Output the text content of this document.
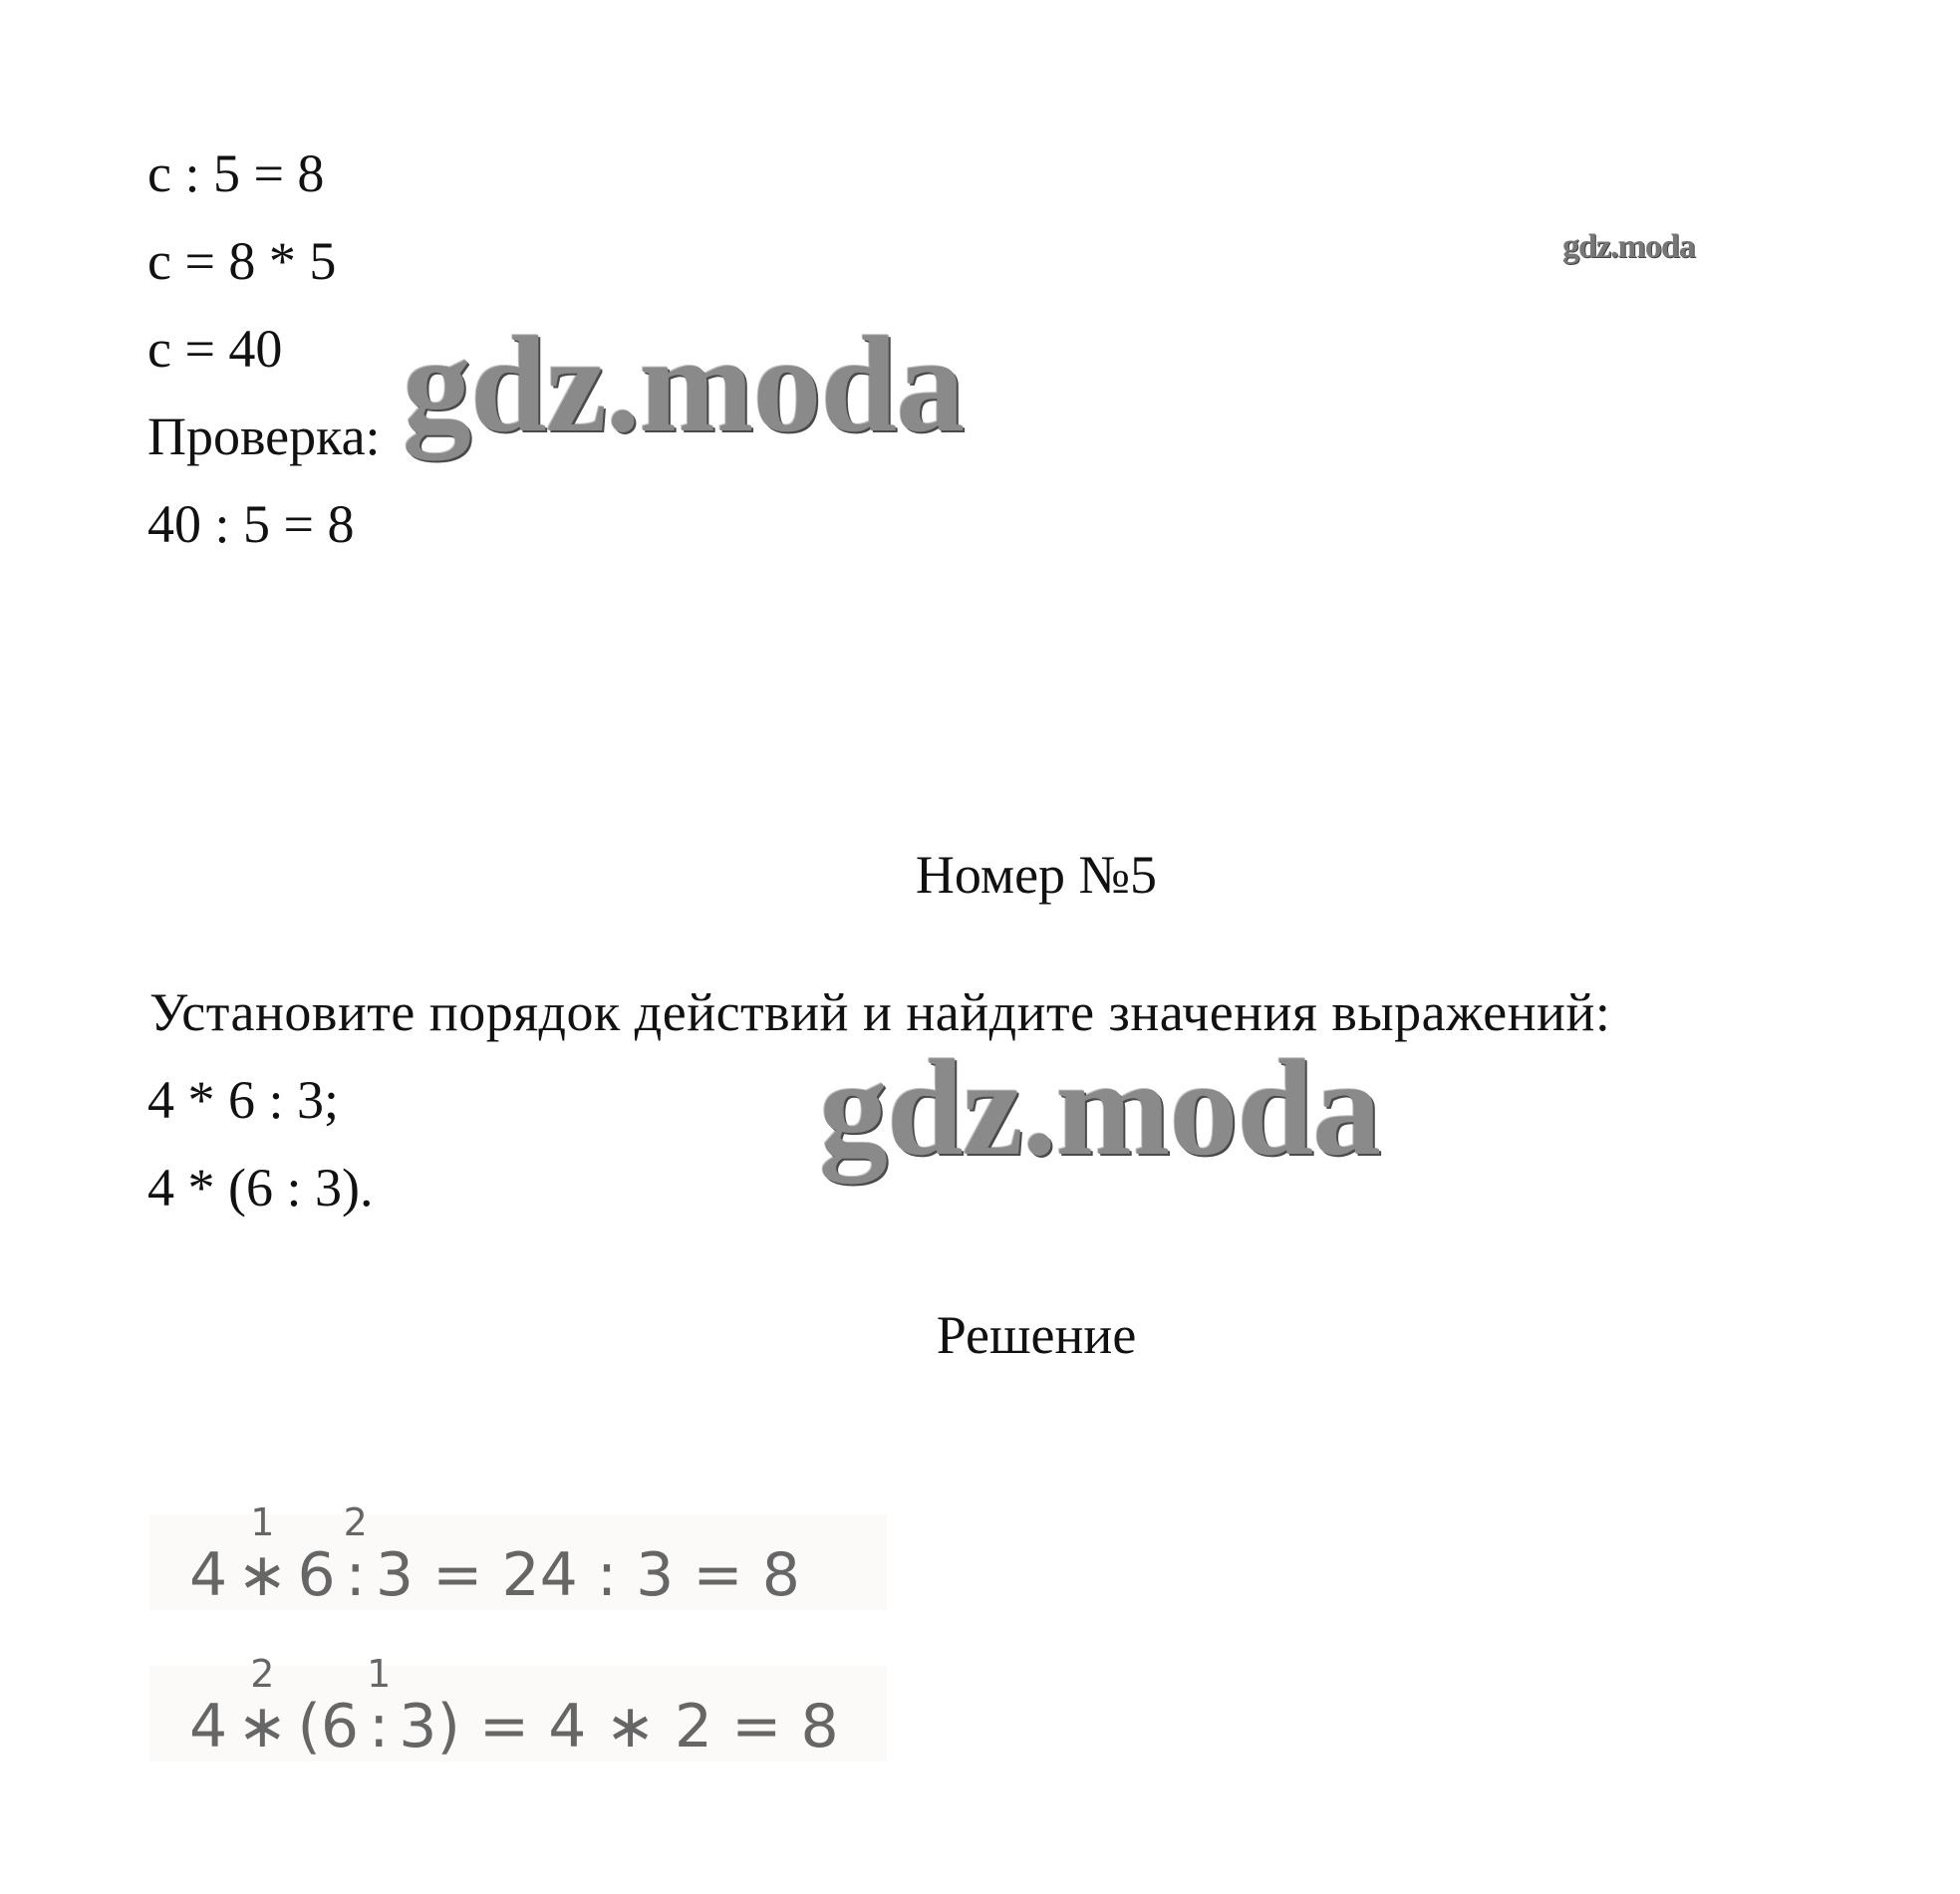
c : 5 = 8
c = 8 * 5
c = 40
Проверка:
40 : 5 = 8
gdz.moda
gdz.moda
gdz.moda
Номер №5
Установите порядок действий и найдите значения выражений:
4 * 6 : 3;
4 * (6 : 3).
Решение
4
1
∗ 6
2
: 3 = 24 : 3 = 8
4
2
∗ (6
1
: 3) = 4 ∗ 2 = 8
